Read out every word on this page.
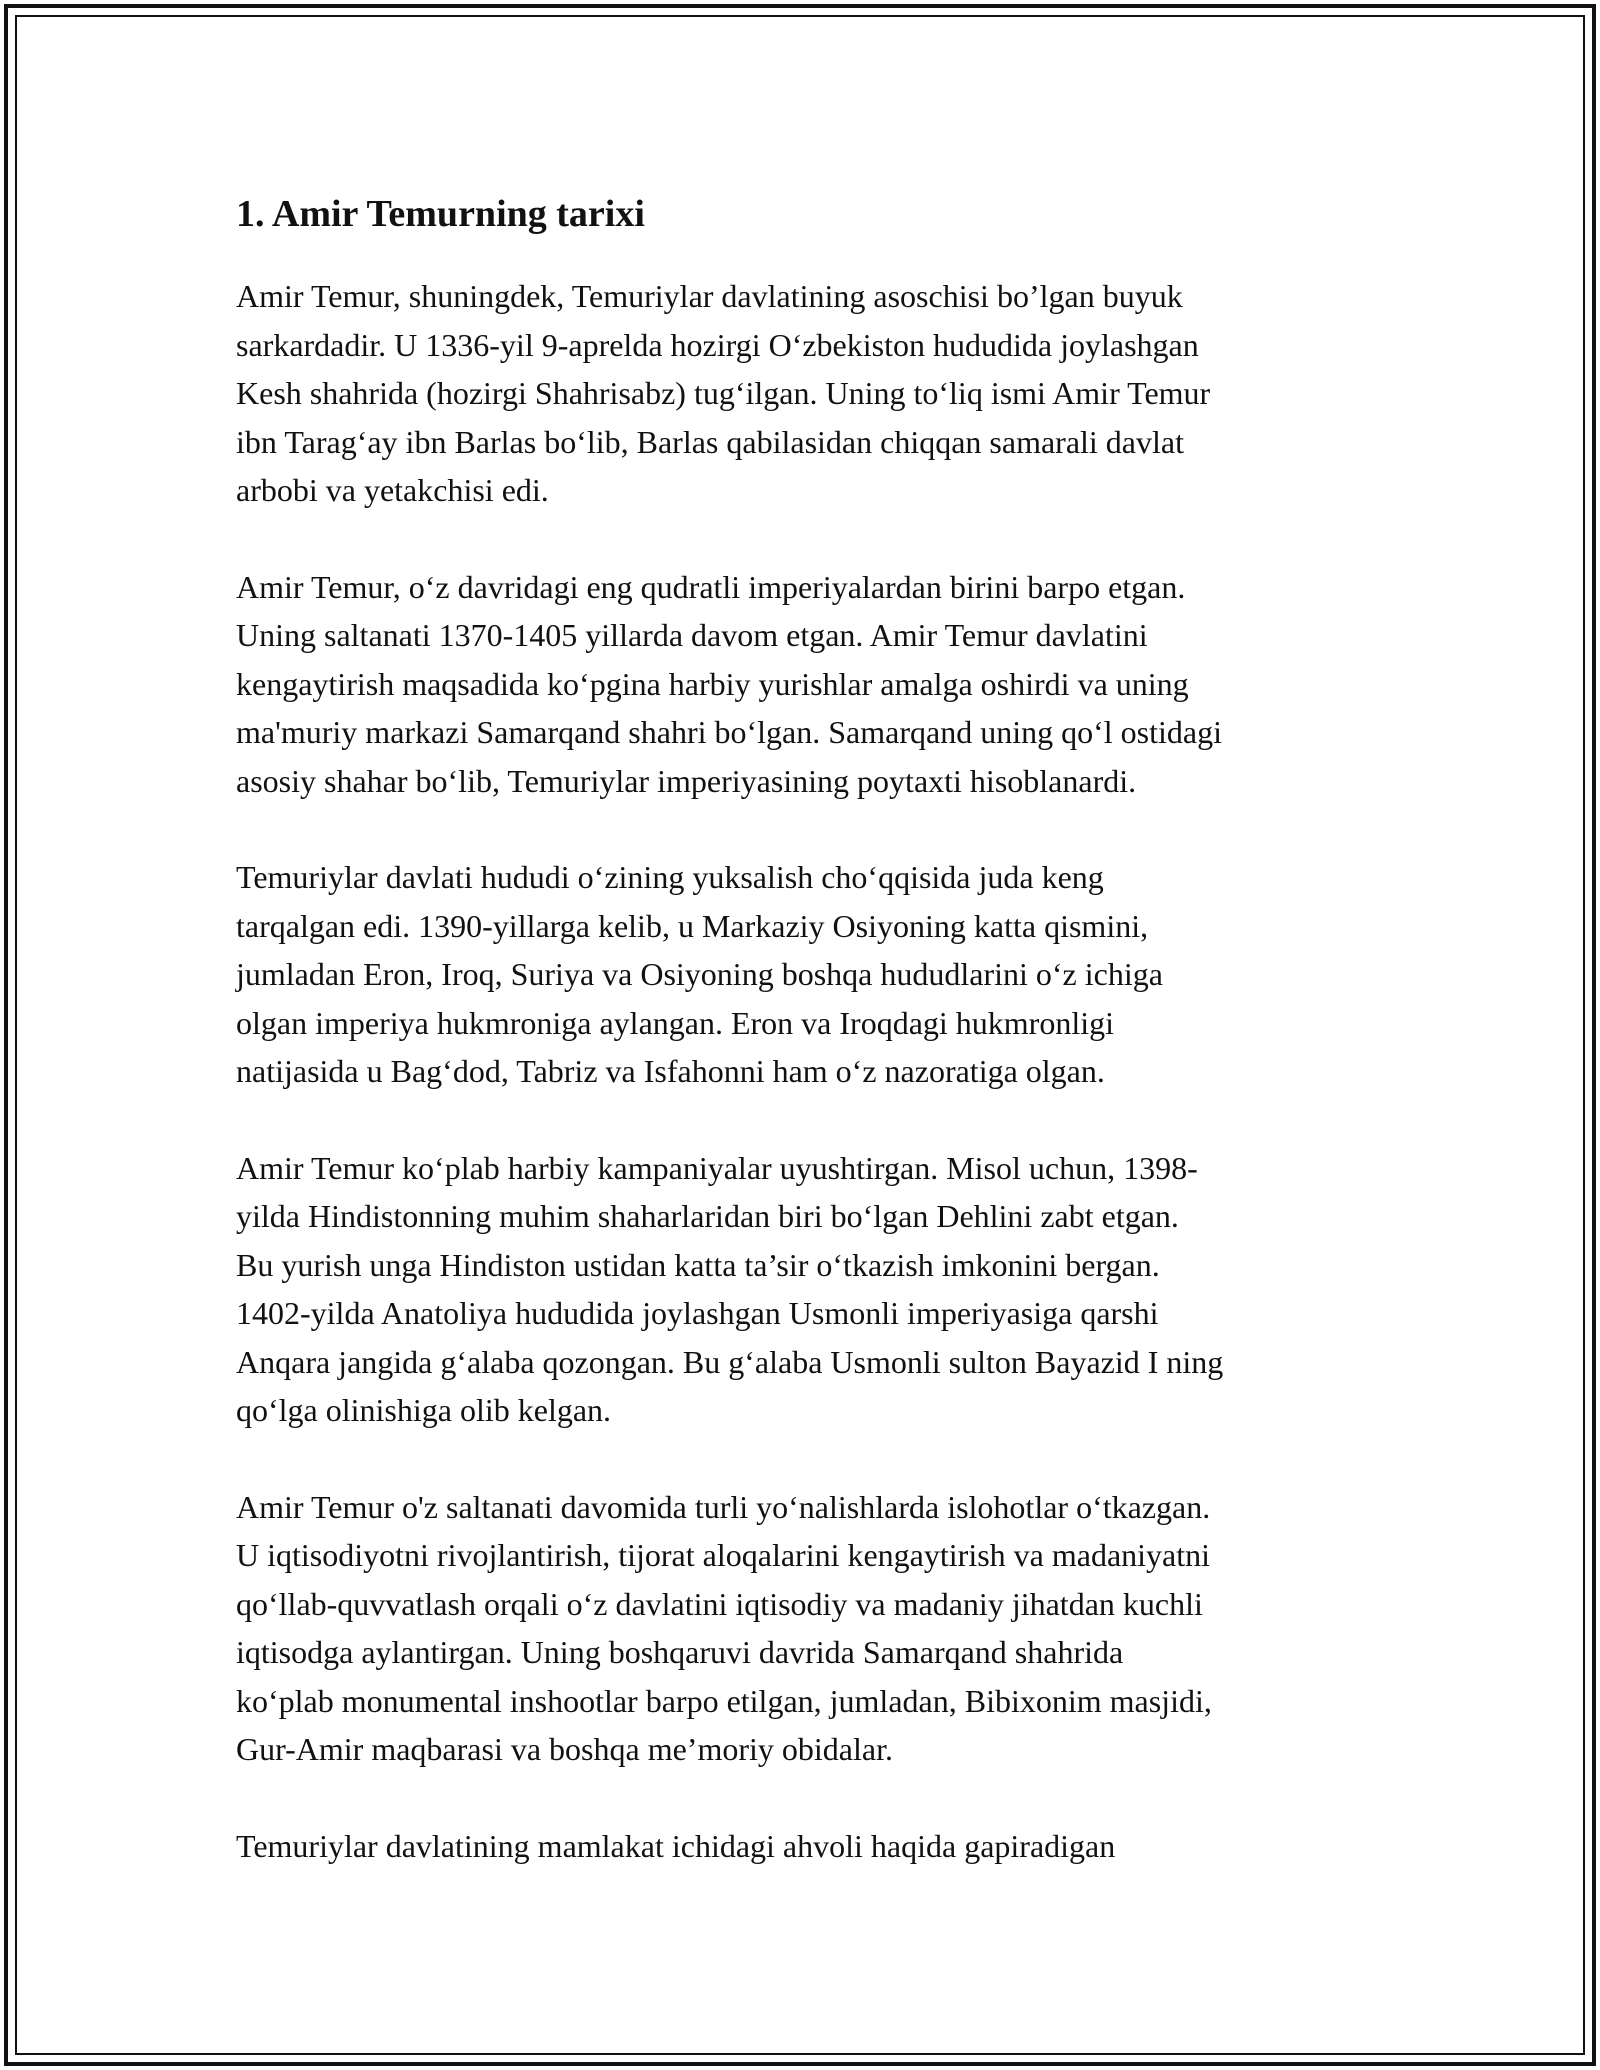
1. Amir Temurning tarixi

Amir Temur, shuningdek, Temuriylar davlatining asoschisi bo’lgan buyuk
sarkardadir. U 1336-yil 9-aprelda hozirgi O‘zbekiston hududida joylashgan
Kesh shahrida (hozirgi Shahrisabz) tug‘ilgan. Uning to‘liq ismi Amir Temur
ibn Tarag‘ay ibn Barlas bo‘lib, Barlas qabilasidan chiqqan samarali davlat
arbobi va yetakchisi edi.

Amir Temur, o‘z davridagi eng qudratli imperiyalardan birini barpo etgan.
Uning saltanati 1370-1405 yillarda davom etgan. Amir Temur davlatini
kengaytirish maqsadida ko‘pgina harbiy yurishlar amalga oshirdi va uning
ma'muriy markazi Samarqand shahri bo‘lgan. Samarqand uning qo‘l ostidagi
asosiy shahar bo‘lib, Temuriylar imperiyasining poytaxti hisoblanardi.

Temuriylar davlati hududi o‘zining yuksalish cho‘qqisida juda keng
tarqalgan edi. 1390-yillarga kelib, u Markaziy Osiyoning katta qismini,
jumladan Eron, Iroq, Suriya va Osiyoning boshqa hududlarini o‘z ichiga
olgan imperiya hukmroniga aylangan. Eron va Iroqdagi hukmronligi
natijasida u Bag‘dod, Tabriz va Isfahonni ham o‘z nazoratiga olgan.

Amir Temur ko‘plab harbiy kampaniyalar uyushtirgan. Misol uchun, 1398-
yilda Hindistonning muhim shaharlaridan biri bo‘lgan Dehlini zabt etgan.
Bu yurish unga Hindiston ustidan katta ta’sir o‘tkazish imkonini bergan.
1402-yilda Anatoliya hududida joylashgan Usmonli imperiyasiga qarshi
Anqara jangida g‘alaba qozongan. Bu g‘alaba Usmonli sulton Bayazid I ning
qo‘lga olinishiga olib kelgan.

Amir Temur o'z saltanati davomida turli yo‘nalishlarda islohotlar o‘tkazgan.
U iqtisodiyotni rivojlantirish, tijorat aloqalarini kengaytirish va madaniyatni
qo‘llab-quvvatlash orqali o‘z davlatini iqtisodiy va madaniy jihatdan kuchli
iqtisodga aylantirgan. Uning boshqaruvi davrida Samarqand shahrida
ko‘plab monumental inshootlar barpo etilgan, jumladan, Bibixonim masjidi,
Gur-Amir maqbarasi va boshqa me’moriy obidalar.

Temuriylar davlatining mamlakat ichidagi ahvoli haqida gapiradigan
